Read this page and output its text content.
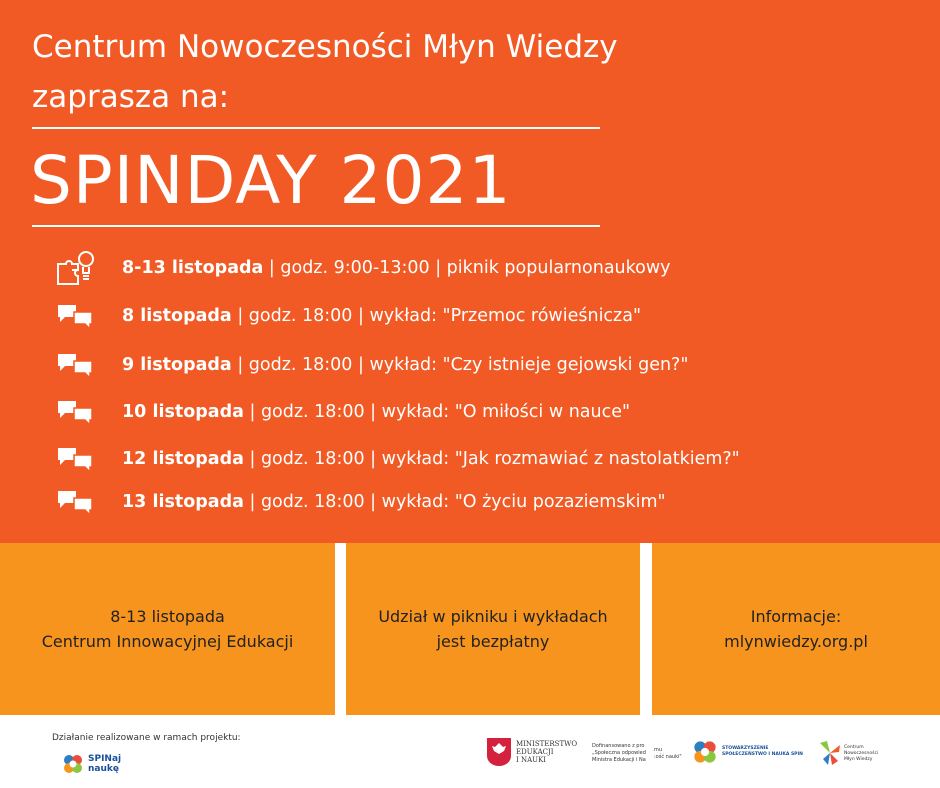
Centrum Nowoczesności Młyn Wiedzy
zaprasza na:
SPINDAY 2021
8-13 listopada | godz. 9:00-13:00 | piknik popularnonaukowy
8 listopada | godz. 18:00 | wykład: "Przemoc rówieśnicza"
9 listopada | godz. 18:00 | wykład: "Czy istnieje gejowski gen?"
10 listopada | godz. 18:00 | wykład: "O miłości w nauce"
12 listopada | godz. 18:00 | wykład: "Jak rozmawiać z nastolatkiem?"
13 listopada | godz. 18:00 | wykład: "O życiu pozaziemskim"
8-13 listopada
Centrum Innowacyjnej Edukacji
Udział w pikniku i wykładach
jest bezpłatny
Informacje:
mlynwiedzy.org.pl
Działanie realizowane w ramach projektu:
SPINaj
naukę
MINISTERSTWO
EDUKACJI
I NAUKI
Dofinansowano z pro
„Społeczna odpowied
Ministra Edukacji i Na
mu
:ość nauki"
STOWARZYSZENIE
SPOŁECZEŃSTWO I NAUKA SPIN
Centrum
Nowoczesności
Młyn Wiedzy
